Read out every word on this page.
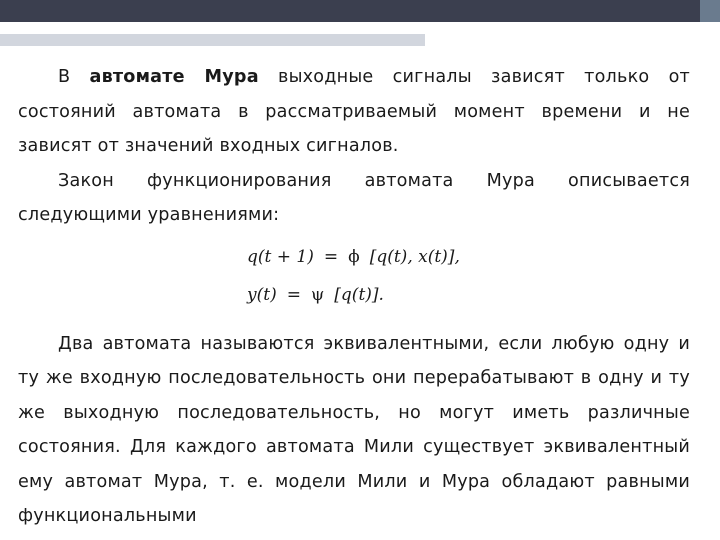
В автомате Мура выходные сигналы зависят только от состояний автомата в рассматриваемый момент времени и не зависят от значений входных сигналов.

Закон функционирования автомата Мура описывается следующими уравнениями:

q(t + 1) = ϕ [q(t), x(t)],
y(t) = ψ [q(t)].

Два автомата называются эквивалентными, если любую одну и ту же входную последовательность они перерабатывают в одну и ту же выходную последовательность, но могут иметь различные состояния. Для каждого автомата Мили существует эквивалентный ему автомат Мура, т. е. модели Мили и Мура обладают равными функциональными
